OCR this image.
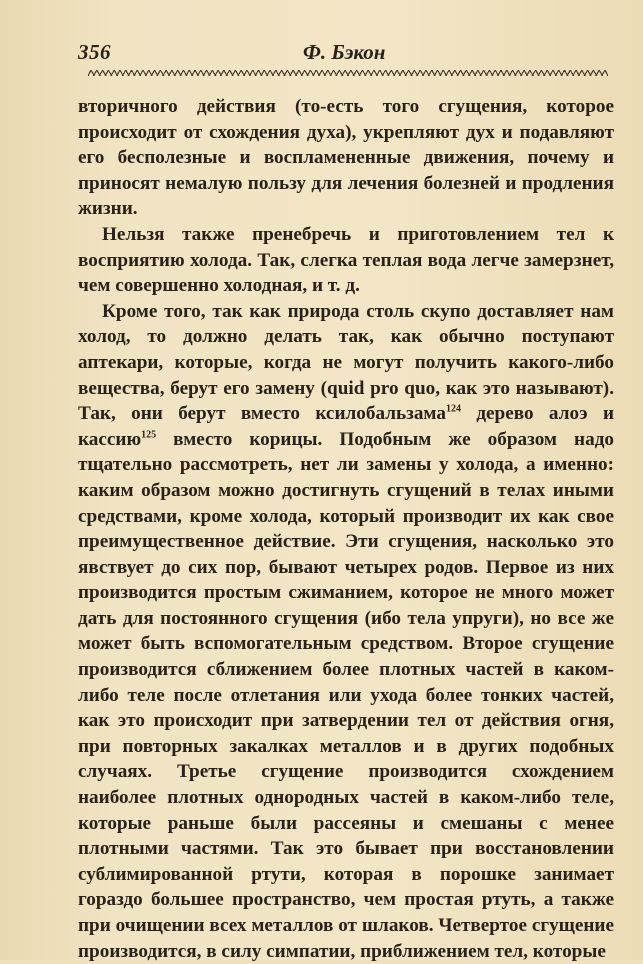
356	Ф. Бэкон

вторичного действия (то-есть того сгущения, которое происходит от схождения духа), укрепляют дух и подавляют его бесполезные и воспламененные движения, почему и приносят немалую пользу для лечения болезней и продления жизни.

Нельзя также пренебречь и приготовлением тел к восприятию холода. Так, слегка теплая вода легче замерзнет, чем совершенно холодная, и т. д.

Кроме того, так как природа столь скупо доставляет нам холод, то должно делать так, как обычно поступают аптекари, которые, когда не могут получить какого-либо вещества, берут его замену (quid pro quo, как это называют). Так, они берут вместо ксилобальзама$^{124}$ дерево алоэ и кассию$^{125}$ вместо корицы. Подобным же образом надо тщательно рассмотреть, нет ли замены у холода, а именно: каким образом можно достигнуть сгущений в телах иными средствами, кроме холода, который производит их как свое преимущественное действие. Эти сгущения, насколько это явствует до сих пор, бывают четырех родов. Первое из них производится простым сжиманием, которое не много может дать для постоянного сгущения (ибо тела упруги), но все же может быть вспомогательным средством. Второе сгущение производится сближением более плотных частей в каком-либо теле после отлетания или ухода более тонких частей, как это происходит при затвердении тел от действия огня, при повторных закалках металлов и в других подобных случаях. Третье сгущение производится схождением наиболее плотных однородных частей в каком-либо теле, которые раньше были рассеяны и смешаны с менее плотными частями. Так это бывает при восстановлении сублимированной ртути, которая в порошке занимает гораздо большее пространство, чем простая ртуть, а также при очищении всех металлов от шлаков. Четвертое сгущение производится, в силу симпатии, приближением тел, которые
